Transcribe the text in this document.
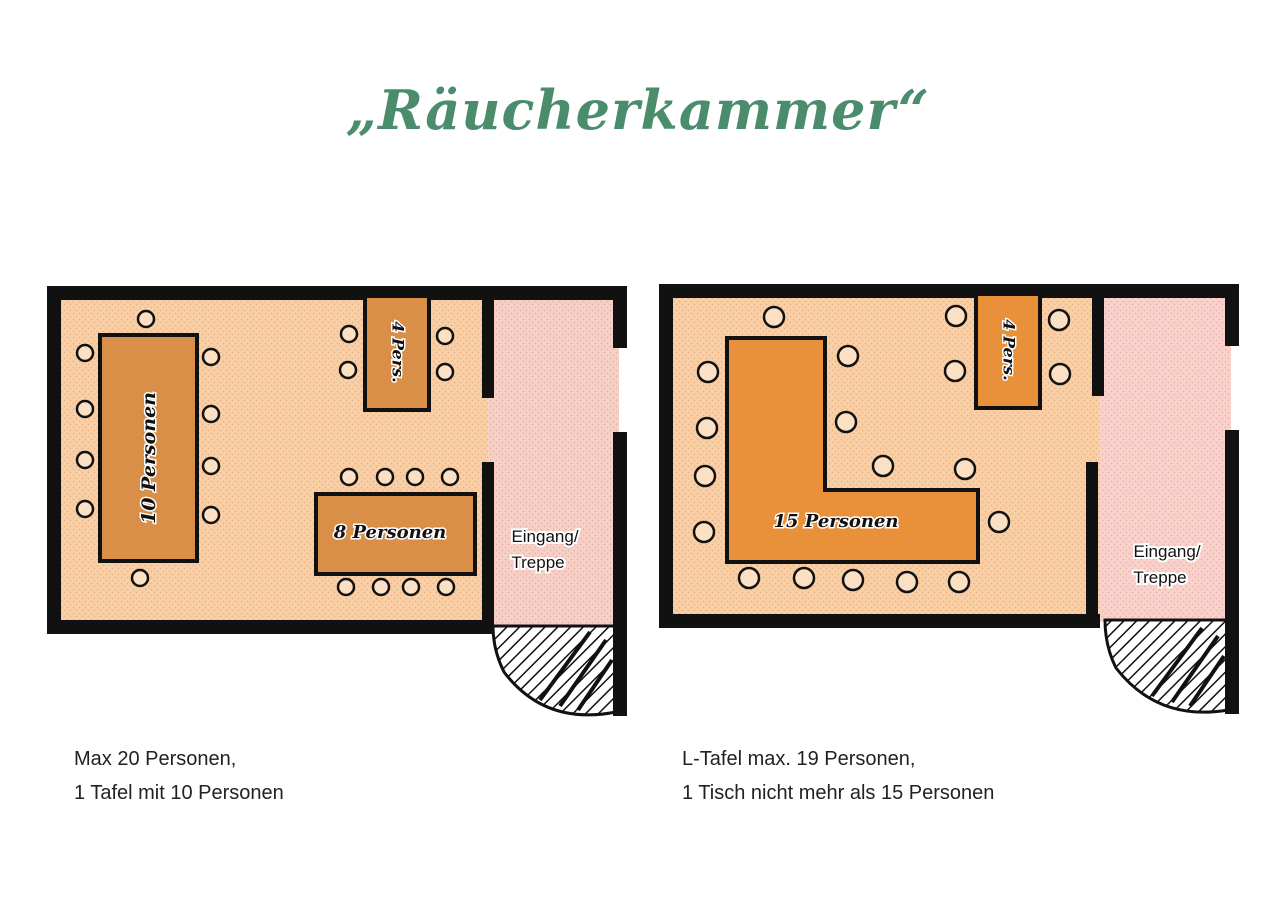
„Räucherkammer“
10 Personen
4 Pers.
8 Personen	Eingang/
Treppe
4 Pers.
15 Personen
Eingang/
Treppe
Max 20 Personen,
1 Tafel mit 10 Personen
L-Tafel max. 19 Personen,
1 Tisch nicht mehr als 15 Personen
